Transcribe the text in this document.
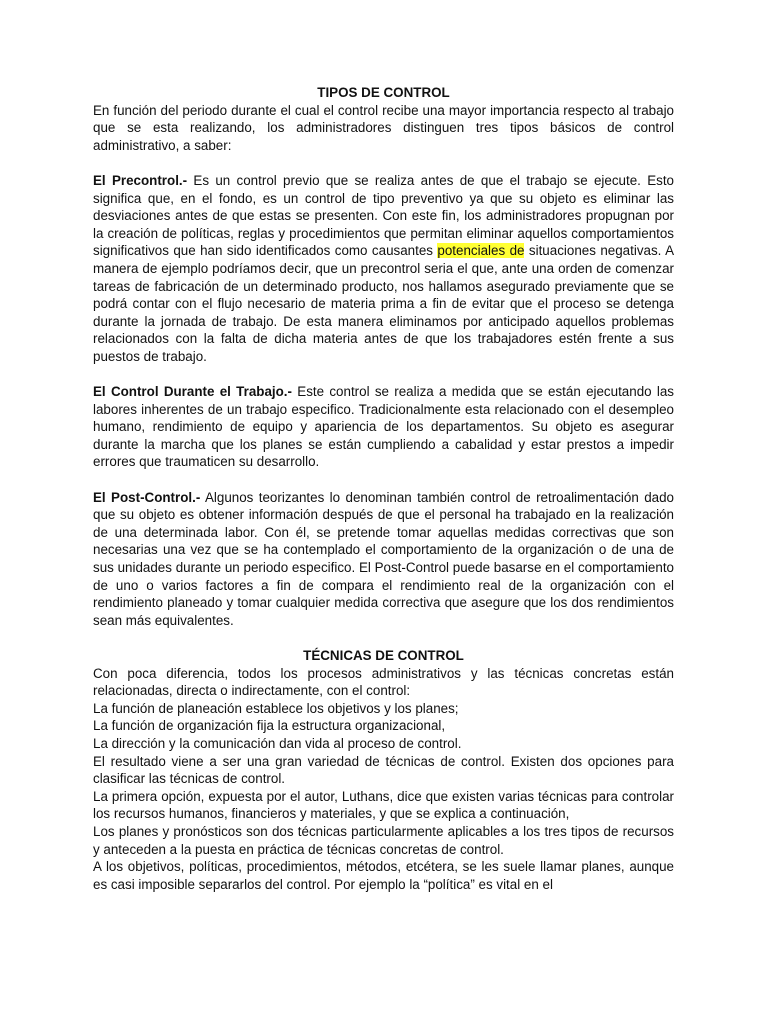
TIPOS DE CONTROL

En función del periodo durante el cual el control recibe una mayor importancia respecto al trabajo que se esta realizando, los administradores distinguen tres tipos básicos de control administrativo, a saber:

El Precontrol.- Es un control previo que se realiza antes de que el trabajo se ejecute. Esto significa que, en el fondo, es un control de tipo preventivo ya que su objeto es eliminar las desviaciones antes de que estas se presenten. Con este fin, los administradores propugnan por la creación de políticas, reglas y procedimientos que permitan eliminar aquellos comportamientos significativos que han sido identificados como causantes potenciales de situaciones negativas. A manera de ejemplo podríamos decir, que un precontrol seria el que, ante una orden de comenzar tareas de fabricación de un determinado producto, nos hallamos asegurado previamente que se podrá contar con el flujo necesario de materia prima a fin de evitar que el proceso se detenga durante la jornada de trabajo. De esta manera eliminamos por anticipado aquellos problemas relacionados con la falta de dicha materia antes de que los trabajadores estén frente a sus puestos de trabajo.

El Control Durante el Trabajo.- Este control se realiza a medida que se están ejecutando las labores inherentes de un trabajo especifico. Tradicionalmente esta relacionado con el desempleo humano, rendimiento de equipo y apariencia de los departamentos. Su objeto es asegurar durante la marcha que los planes se están cumpliendo a cabalidad y estar prestos a impedir errores que traumaticen su desarrollo.

El Post-Control.- Algunos teorizantes lo denominan también control de retroalimentación dado que su objeto es obtener información después de que el personal ha trabajado en la realización de una determinada labor. Con él, se pretende tomar aquellas medidas correctivas que son necesarias una vez que se ha contemplado el comportamiento de la organización o de una de sus unidades durante un periodo especifico. El Post-Control puede basarse en el comportamiento de uno o varios factores a fin de compara el rendimiento real de la organización con el rendimiento planeado y tomar cualquier medida correctiva que asegure que los dos rendimientos sean más equivalentes.

TÉCNICAS DE CONTROL

Con poca diferencia, todos los procesos administrativos y las técnicas concretas están relacionadas, directa o indirectamente, con el control:

La función de planeación establece los objetivos y los planes;

La función de organización fija la estructura organizacional,

La dirección y la comunicación dan vida al proceso de control.

El resultado viene a ser una gran variedad de técnicas de control. Existen dos opciones para clasificar las técnicas de control.

La primera opción, expuesta por el autor, Luthans, dice que existen varias técnicas para controlar los recursos humanos, financieros y materiales, y que se explica a continuación,

Los planes y pronósticos son dos técnicas particularmente aplicables a los tres tipos de recursos y anteceden a la puesta en práctica de técnicas concretas de control.

A los objetivos, políticas, procedimientos, métodos, etcétera, se les suele llamar planes, aunque es casi imposible separarlos del control. Por ejemplo la “política” es vital en el
